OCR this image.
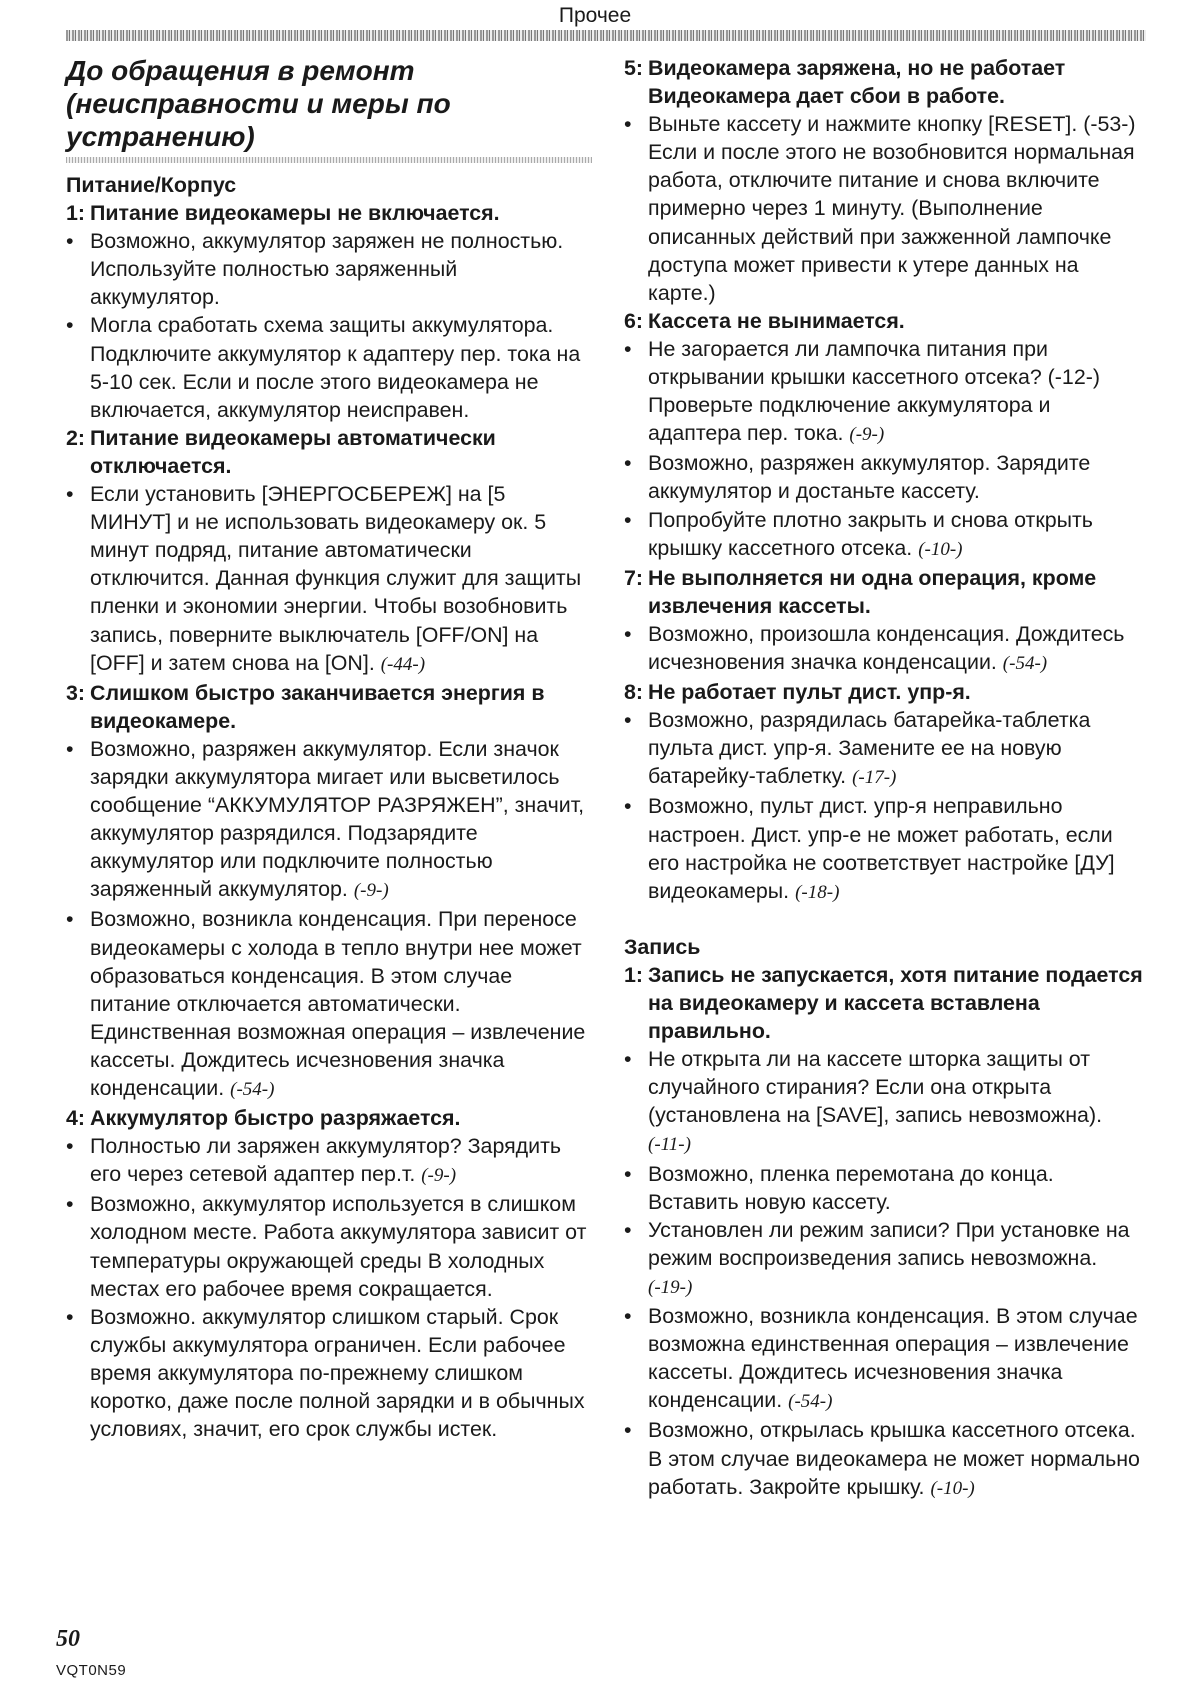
Прочее
До обращения в ремонт (неисправности и меры по устранению)
Питание/Корпус
1: Питание видеокамеры не включается.
• Возможно, аккумулятор заряжен не полностью. Используйте полностью заряженный аккумулятор.
• Могла сработать схема защиты аккумулятора. Подключите аккумулятор к адаптеру пер. тока на 5-10 сек. Если и после этого видеокамера не включается, аккумулятор неисправен.
2: Питание видеокамеры автоматически отключается.
• Если установить [ЭНЕРГОСБЕРЕЖ] на [5 МИНУТ] и не использовать видеокамеру ок. 5 минут подряд, питание автоматически отключится. Данная функция служит для защиты пленки и экономии энергии. Чтобы возобновить запись, поверните выключатель [OFF/ON] на [OFF] и затем снова на [ON]. (-44-)
3: Слишком быстро заканчивается энергия в видеокамере.
• Возможно, разряжен аккумулятор. Если значок зарядки аккумулятора мигает или высветилось сообщение “АККУМУЛЯТОР РАЗРЯЖЕН”, значит, аккумулятор разрядился. Подзарядите аккумулятор или подключите полностью заряженный аккумулятор. (-9-)
• Возможно, возникла конденсация. При переносе видеокамеры с холода в тепло внутри нее может образоваться конденсация. В этом случае питание отключается автоматически. Единственная возможная операция – извлечение кассеты. Дождитесь исчезновения значка конденсации. (-54-)
4: Аккумулятор быстро разряжается.
• Полностью ли заряжен аккумулятор? Зарядить его через сетевой адаптер пер.т. (-9-)
• Возможно, аккумулятор используется в слишком холодном месте. Работа аккумулятора зависит от температуры окружающей среды В холодных местах его рабочее время сокращается.
• Возможно. аккумулятор слишком старый. Срок службы аккумулятора ограничен. Если рабочее время аккумулятора по-прежнему слишком коротко, даже после полной зарядки и в обычных условиях, значит, его срок службы истек.
5: Видеокамера заряжена, но не работает Видеокамера дает сбои в работе.
• Выньте кассету и нажмите кнопку [RESET]. (-53-) Если и после этого не возобновится нормальная работа, отключите питание и снова включите примерно через 1 минуту. (Выполнение описанных действий при зажженной лампочке доступа может привести к утере данных на карте.)
6: Кассета не вынимается.
• Не загорается ли лампочка питания при открывании крышки кассетного отсека? (-12-) Проверьте подключение аккумулятора и адаптера пер. тока. (-9-)
• Возможно, разряжен аккумулятор. Зарядите аккумулятор и достаньте кассету.
• Попробуйте плотно закрыть и снова открыть крышку кассетного отсека. (-10-)
7: Не выполняется ни одна операция, кроме извлечения кассеты.
• Возможно, произошла конденсация. Дождитесь исчезновения значка конденсации. (-54-)
8: Не работает пульт дист. упр-я.
• Возможно, разрядилась батарейка-таблетка пульта дист. упр-я. Замените ее на новую батарейку-таблетку. (-17-)
• Возможно, пульт дист. упр-я неправильно настроен. Дист. упр-е не может работать, если его настройка не соответствует настройке [ДУ] видеокамеры. (-18-)
Запись
1: Запись не запускается, хотя питание подается на видеокамеру и кассета вставлена правильно.
• Не открыта ли на кассете шторка защиты от случайного стирания? Если она открыта (установлена на [SAVE], запись невозможна). (-11-)
• Возможно, пленка перемотана до конца. Вставить новую кассету.
• Установлен ли режим записи? При установке на режим воспроизведения запись невозможна. (-19-)
• Возможно, возникла конденсация. В этом случае возможна единственная операция – извлечение кассеты. Дождитесь исчезновения значка конденсации. (-54-)
• Возможно, открылась крышка кассетного отсека. В этом случае видеокамера не может нормально работать. Закройте крышку. (-10-)
50
VQT0N59
